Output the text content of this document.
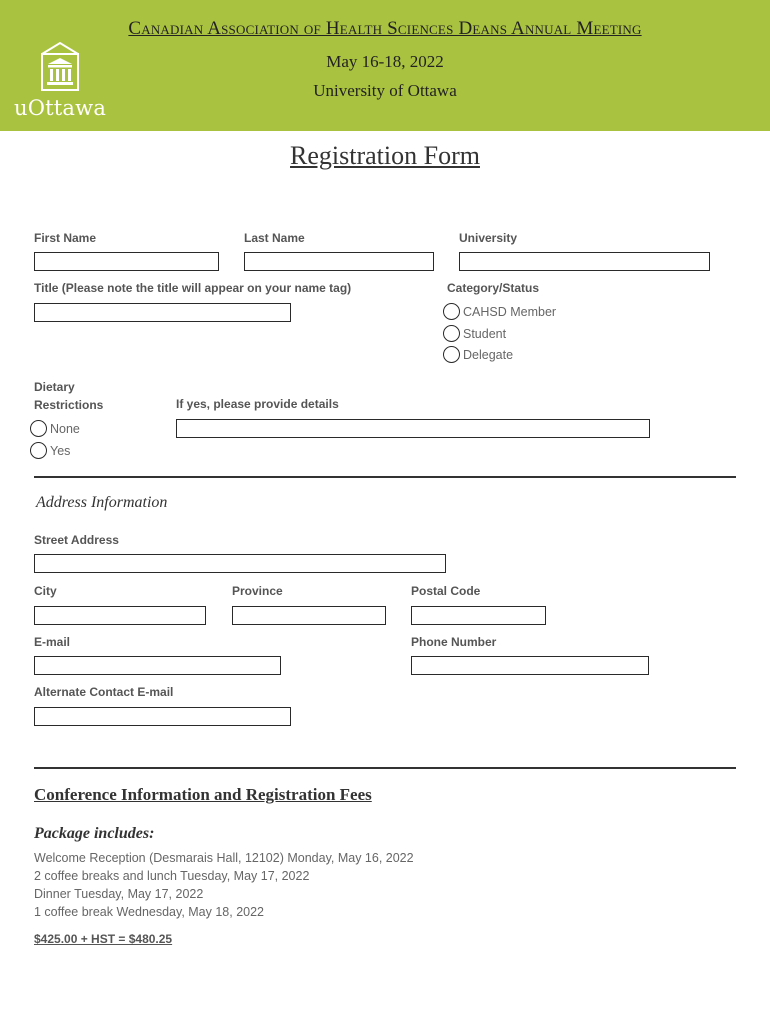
uOttawa
Canadian Association of Health Sciences Deans Annual Meeting
May 16-18, 2022
University of Ottawa
Registration Form
First Name	Last Name	University
Title (Please note the title will appear on your name tag)	Category/Status
CAHSD Member
Student
Delegate
Dietary
Restrictions	If yes, please provide details
None
Yes
Address Information
Street Address
City	Province	Postal Code
E-mail	Phone Number
Alternate Contact E-mail
Conference Information and Registration Fees
Package includes:
Welcome Reception (Desmarais Hall, 12102) Monday, May 16, 2022
2 coffee breaks and lunch Tuesday, May 17, 2022
Dinner Tuesday, May 17, 2022
1 coffee break Wednesday, May 18, 2022
$425.00 + HST = $480.25
